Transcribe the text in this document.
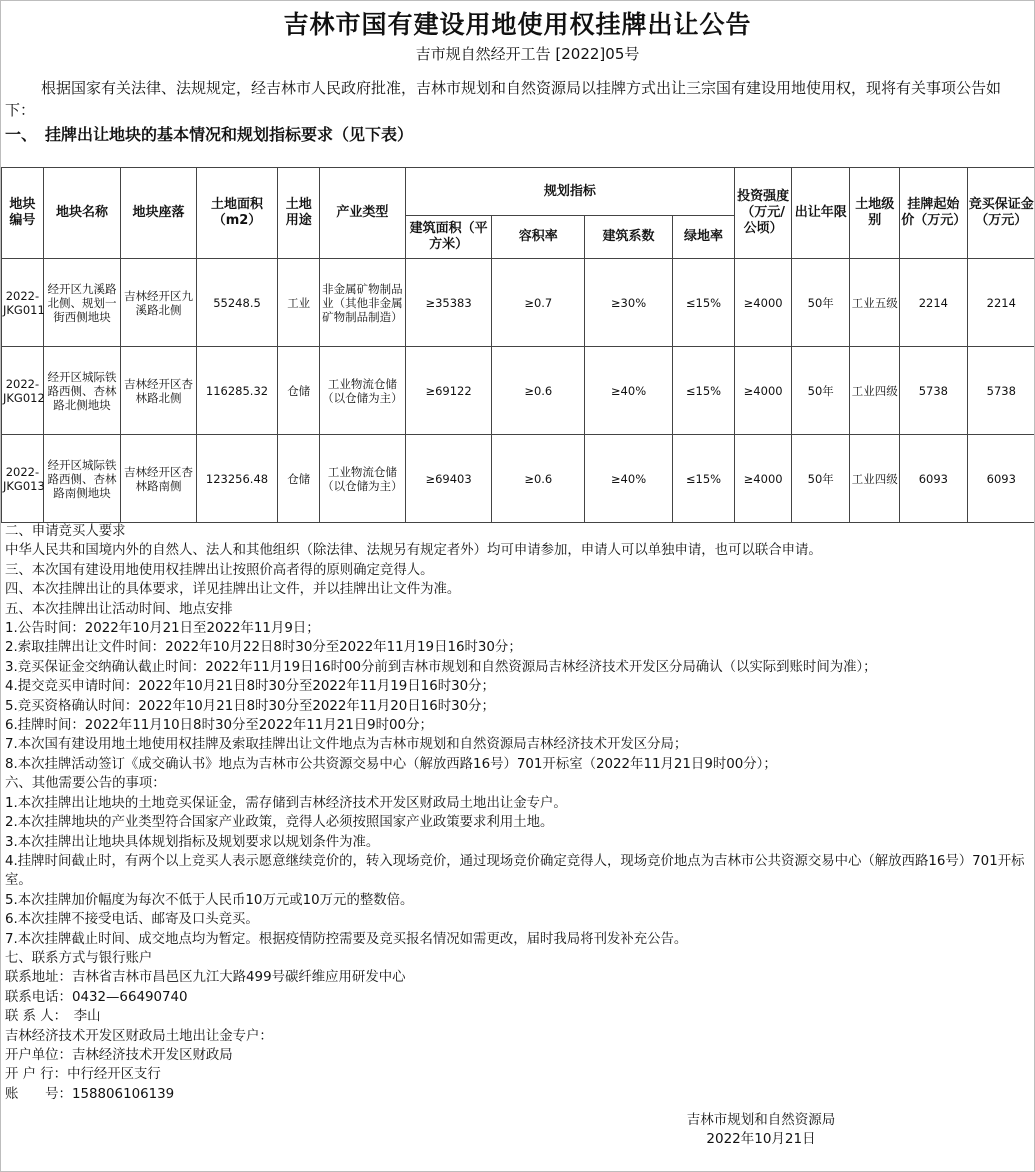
吉林市国有建设用地使用权挂牌出让公告
吉市规自然经开工告 [2022]05号
根据国家有关法律、法规规定，经吉林市人民政府批准，吉林市规划和自然资源局以挂牌方式出让三宗国有建设用地使用权，现将有关事项公告如下：
一、　挂牌出让地块的基本情况和规划指标要求（见下表）
地块编号	地块名称	地块座落	土地面积（m2）	土地用途	产业类型	规划指标				投资强度（万元/公顷）	出让年限	土地级别	挂牌起始价（万元）	竞买保证金（万元）
						建筑面积（平方米）	容积率	建筑系数	绿地率					
2022-JKG011	经开区九溪路北侧、规划一街西侧地块	吉林经开区九溪路北侧	55248.5	工业	非金属矿物制品业（其他非金属矿物制品制造）	≥35383	≥0.7	≥30%	≤15%	≥4000	50年	工业五级	2214	2214
2022-JKG012	经开区城际铁路西侧、杏林路北侧地块	吉林经开区杏林路北侧	116285.32	仓储	工业物流仓储（以仓储为主）	≥69122	≥0.6	≥40%	≤15%	≥4000	50年	工业四级	5738	5738
2022-JKG013	经开区城际铁路西侧、杏林路南侧地块	吉林经开区杏林路南侧	123256.48	仓储	工业物流仓储（以仓储为主）	≥69403	≥0.6	≥40%	≤15%	≥4000	50年	工业四级	6093	6093
二、申请竞买人要求
中华人民共和国境内外的自然人、法人和其他组织（除法律、法规另有规定者外）均可申请参加，申请人可以单独申请，也可以联合申请。
三、本次国有建设用地使用权挂牌出让按照价高者得的原则确定竞得人。
四、本次挂牌出让的具体要求，详见挂牌出让文件，并以挂牌出让文件为准。
五、本次挂牌出让活动时间、地点安排
1.公告时间：2022年10月21日至2022年11月9日；
2.索取挂牌出让文件时间：2022年10月22日8时30分至2022年11月19日16时30分；
3.竞买保证金交纳确认截止时间：2022年11月19日16时00分前到吉林市规划和自然资源局吉林经济技术开发区分局确认（以实际到账时间为准）；
4.提交竞买申请时间：2022年10月21日8时30分至2022年11月19日16时30分；
5.竞买资格确认时间：2022年10月21日8时30分至2022年11月20日16时30分；
6.挂牌时间：2022年11月10日8时30分至2022年11月21日9时00分；
7.本次国有建设用地土地使用权挂牌及索取挂牌出让文件地点为吉林市规划和自然资源局吉林经济技术开发区分局；
8.本次挂牌活动签订《成交确认书》地点为吉林市公共资源交易中心（解放西路16号）701开标室（2022年11月21日9时00分）；
六、其他需要公告的事项：
1.本次挂牌出让地块的土地竞买保证金，需存储到吉林经济技术开发区财政局土地出让金专户。
2.本次挂牌地块的产业类型符合国家产业政策，竞得人必须按照国家产业政策要求利用土地。
3.本次挂牌出让地块具体规划指标及规划要求以规划条件为准。
4.挂牌时间截止时，有两个以上竞买人表示愿意继续竞价的，转入现场竞价，通过现场竞价确定竞得人，现场竞价地点为吉林市公共资源交易中心（解放西路16号）701开标室。
5.本次挂牌加价幅度为每次不低于人民币10万元或10万元的整数倍。
6.本次挂牌不接受电话、邮寄及口头竞买。
7.本次挂牌截止时间、成交地点均为暂定。根据疫情防控需要及竞买报名情况如需更改，届时我局将刊发补充公告。
七、联系方式与银行账户
联系地址：吉林省吉林市昌邑区九江大路499号碳纤维应用研发中心
联系电话：0432—66490740
联 系 人：　李山
吉林经济技术开发区财政局土地出让金专户：
开户单位：吉林经济技术开发区财政局
开 户 行：中行经开区支行
账　　号：158806106139
吉林市规划和自然资源局
2022年10月21日
